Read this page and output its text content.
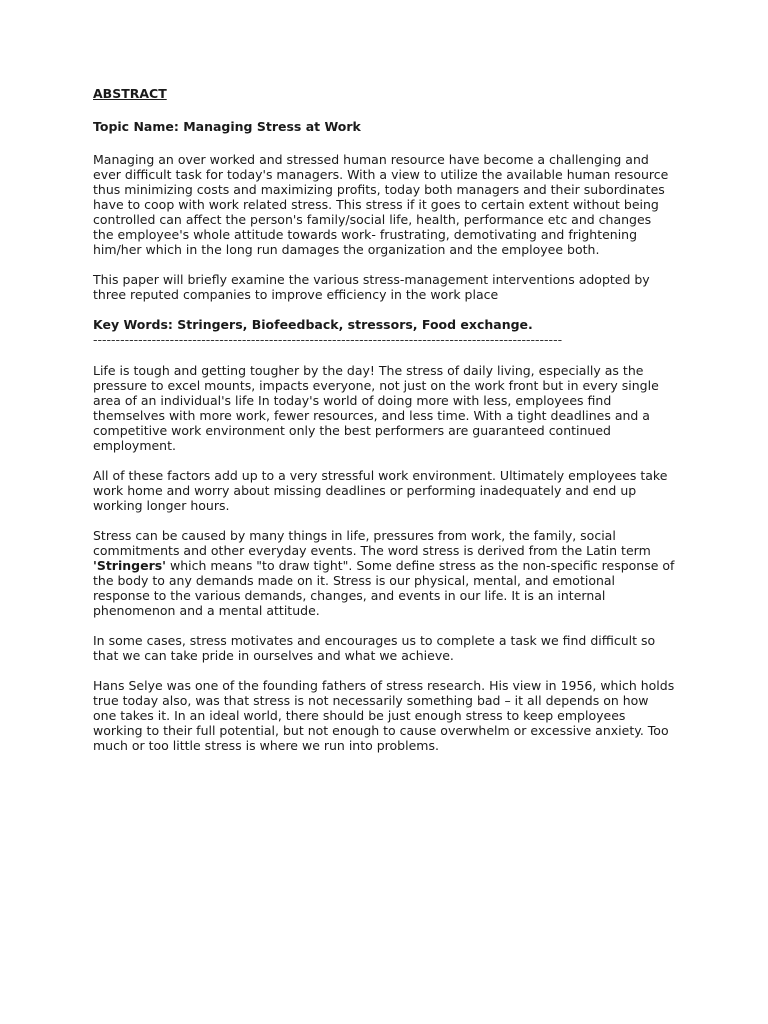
ABSTRACT
Topic Name: Managing Stress at Work

Managing an over worked and stressed human resource have become a challenging and ever difficult task for today's managers. With a view to utilize the available human resource thus minimizing costs and maximizing profits, today both managers and their subordinates have to coop with work related stress. This stress if it goes to certain extent without being controlled can affect the person's family/social life, health, performance etc and changes the employee's whole attitude towards work- frustrating, demotivating and frightening him/her which in the long run damages the organization and the employee both.

This paper will briefly examine the various stress-management interventions adopted by three reputed companies to improve efficiency in the work place

Key Words: Stringers, Biofeedback, stressors, Food exchange.
--------------------------------------------------------------------------------------------------------

Life is tough and getting tougher by the day! The stress of daily living, especially as the pressure to excel mounts, impacts everyone, not just on the work front but in every single area of an individual's life In today's world of doing more with less, employees find themselves with more work, fewer resources, and less time. With a tight deadlines and a competitive work environment only the best performers are guaranteed continued employment.

All of these factors add up to a very stressful work environment. Ultimately employees take work home and worry about missing deadlines or performing inadequately and end up working longer hours.

Stress can be caused by many things in life, pressures from work, the family, social commitments and other everyday events. The word stress is derived from the Latin term 'Stringers' which means "to draw tight". Some define stress as the non-specific response of the body to any demands made on it. Stress is our physical, mental, and emotional response to the various demands, changes, and events in our life. It is an internal phenomenon and a mental attitude.

In some cases, stress motivates and encourages us to complete a task we find difficult so that we can take pride in ourselves and what we achieve.

Hans Selye was one of the founding fathers of stress research. His view in 1956, which holds true today also, was that stress is not necessarily something bad – it all depends on how one takes it. In an ideal world, there should be just enough stress to keep employees working to their full potential, but not enough to cause overwhelm or excessive anxiety. Too much or too little stress is where we run into problems.
